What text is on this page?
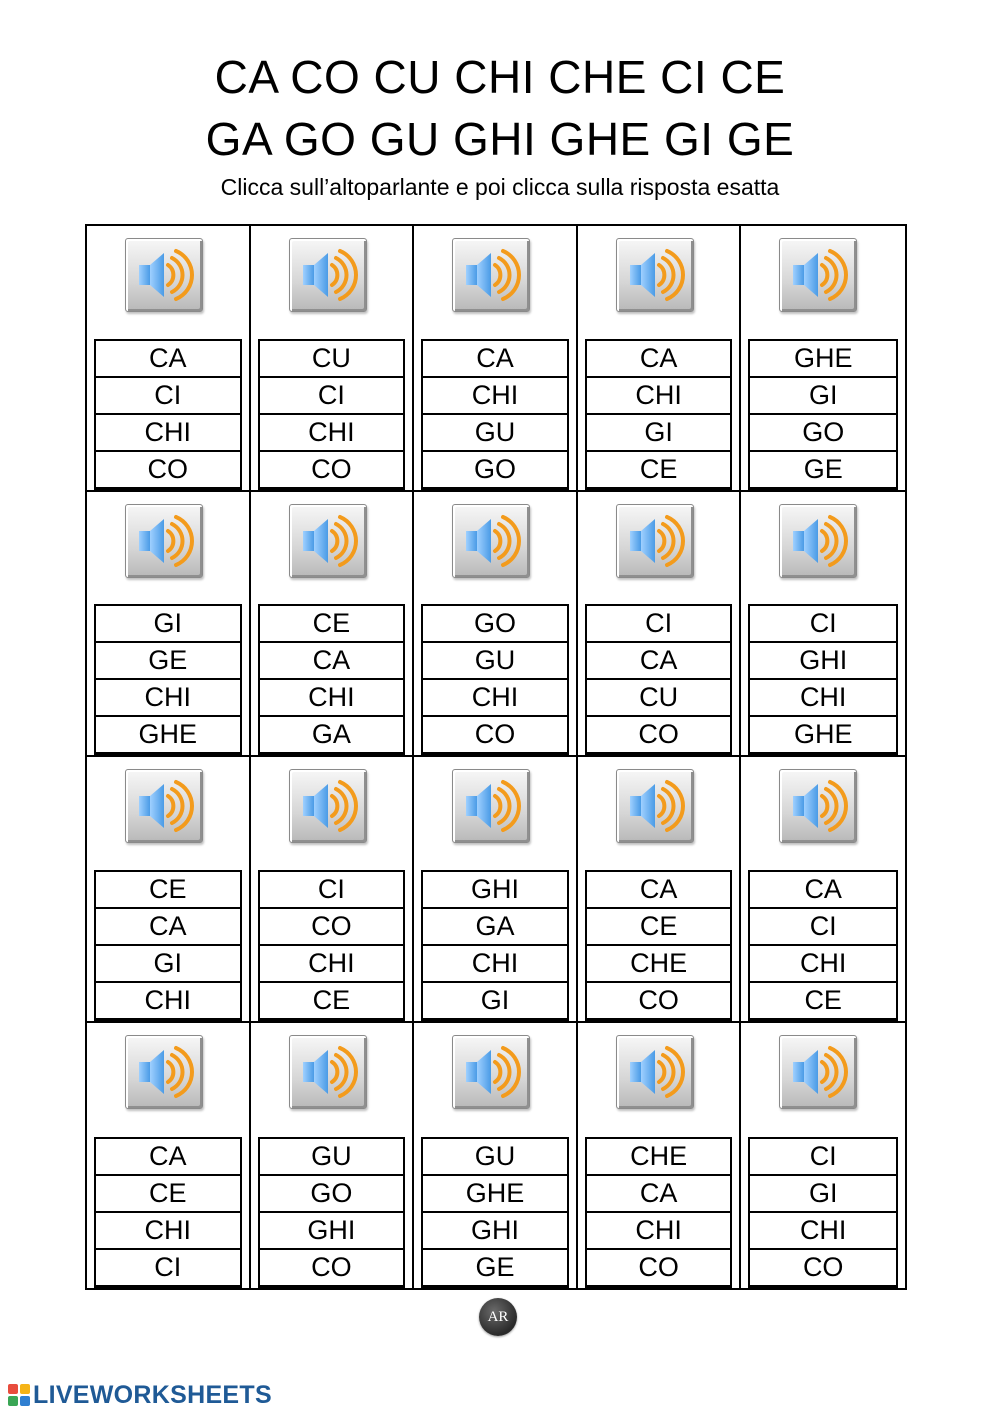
CA CO CU CHI CHE CI CE
GA GO GU GHI GHE GI GE
Clicca sull’altoparlante e poi clicca sulla risposta esatta
CA
CI
CHI
CO
CU
CI
CHI
CO
CA
CHI
GU
GO
CA
CHI
GI
CE
GHE
GI
GO
GE
GI
GE
CHI
GHE
CE
CA
CHI
GA
GO
GU
CHI
CO
CI
CA
CU
CO
CI
GHI
CHI
GHE
CE
CA
GI
CHI
CI
CO
CHI
CE
GHI
GA
CHI
GI
CA
CE
CHE
CO
CA
CI
CHI
CE
CA
CE
CHI
CI
GU
GO
GHI
CO
GU
GHE
GHI
GE
CHE
CA
CHI
CO
CI
GI
CHI
CO
AR
LIVEWORKSHEETS
